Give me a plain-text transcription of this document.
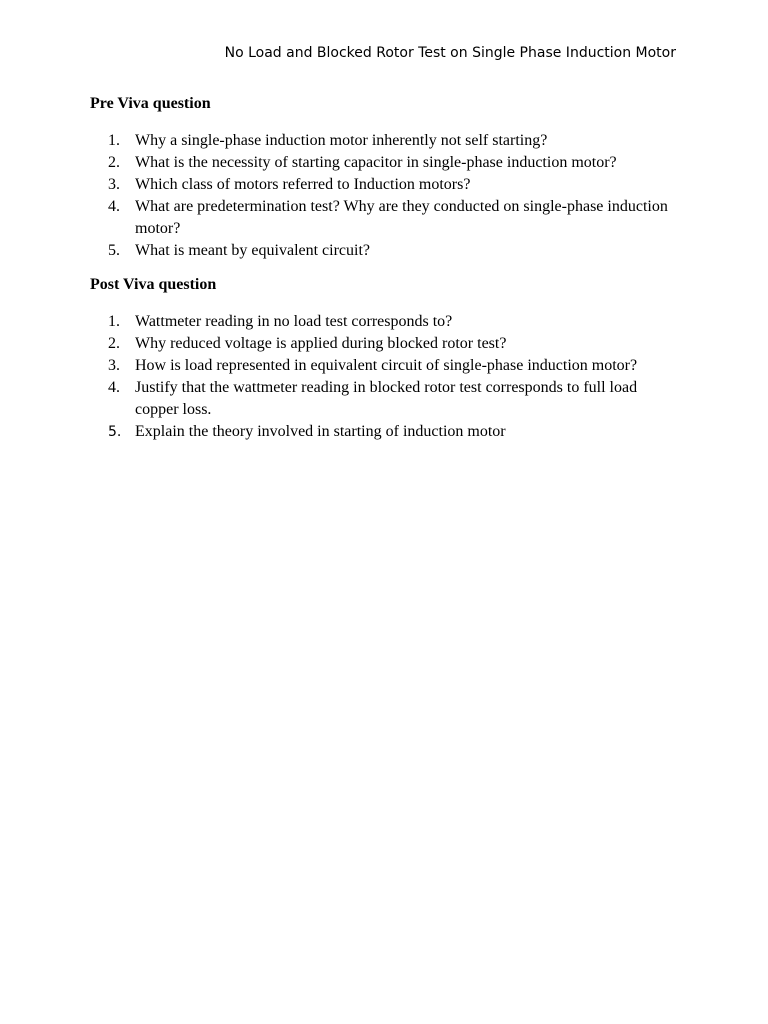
No Load and Blocked Rotor Test on Single Phase Induction Motor
Pre Viva question
1. Why a single-phase induction motor inherently not self starting?
2. What is the necessity of starting capacitor in single-phase induction motor?
3. Which class of motors referred to Induction motors?
4. What are predetermination test? Why are they conducted on single-phase induction motor?
5. What is meant by equivalent circuit?
Post Viva question
1. Wattmeter reading in no load test corresponds to?
2. Why reduced voltage is applied during blocked rotor test?
3. How is load represented in equivalent circuit of single-phase induction motor?
4. Justify that the wattmeter reading in blocked rotor test corresponds to full load copper loss.
5. Explain the theory involved in starting of induction motor
